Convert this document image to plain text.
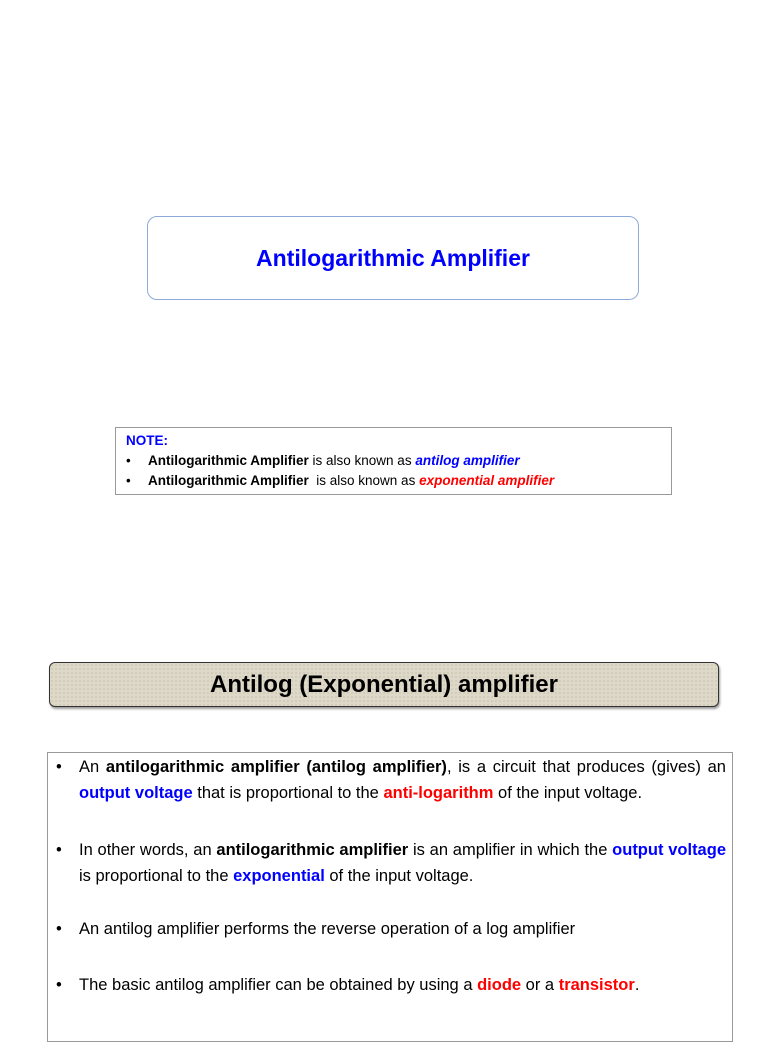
Antilogarithmic Amplifier
NOTE:
•	Antilogarithmic Amplifier is also known as antilog amplifier
•	Antilogarithmic Amplifier  is also known as exponential amplifier
Antilog (Exponential) amplifier
•	An antilogarithmic amplifier (antilog amplifier), is a circuit that produces (gives) an output voltage that is proportional to the anti-logarithm of the input voltage.
•	In other words, an antilogarithmic amplifier is an amplifier in which the output voltage is proportional to the exponential of the input voltage.
•	An antilog amplifier performs the reverse operation of a log amplifier
•	The basic antilog amplifier can be obtained by using a diode or a transistor.
